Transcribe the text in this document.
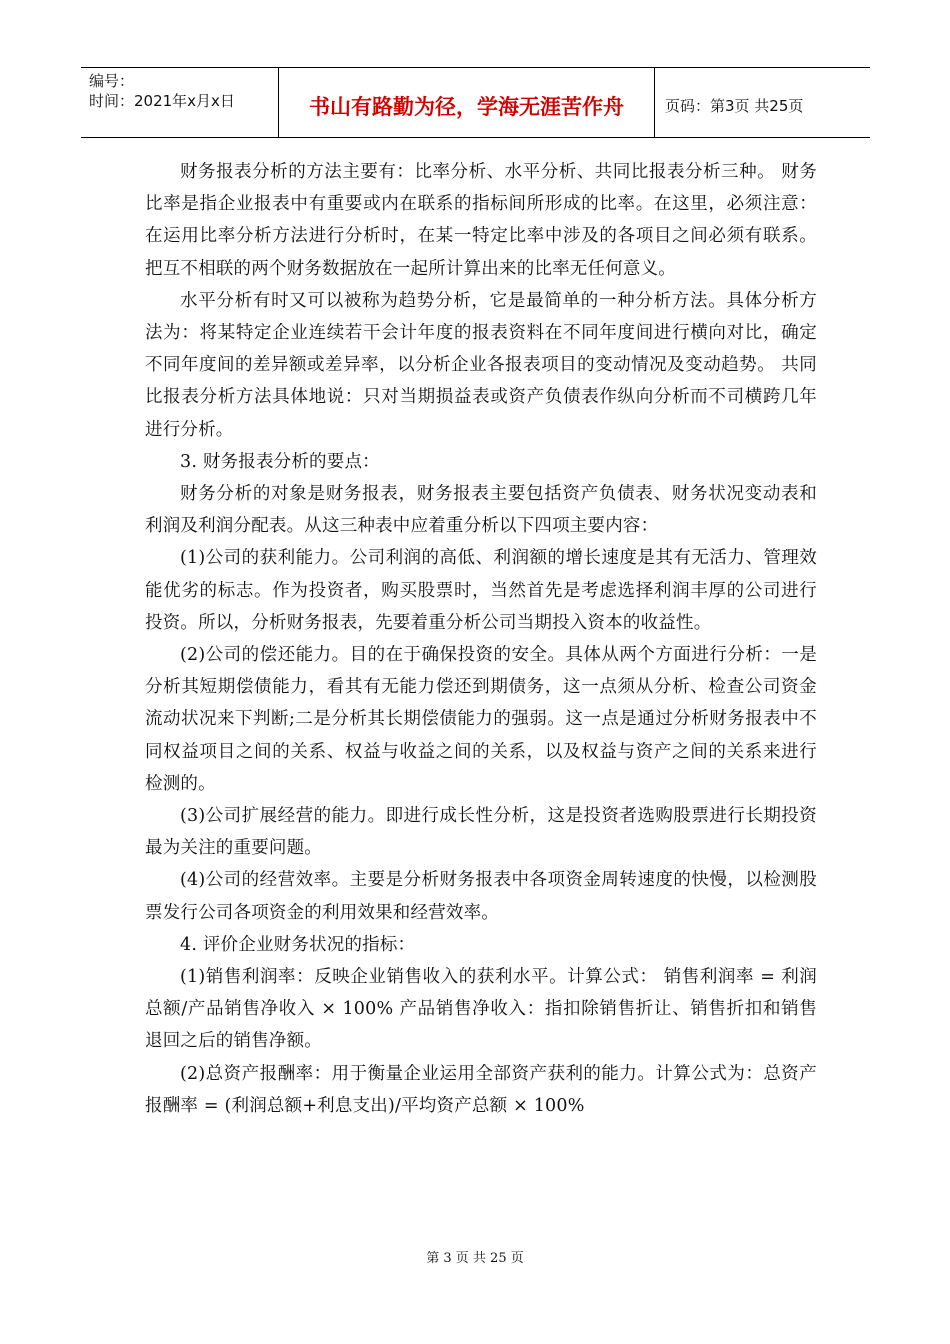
编号：
时间：2021年x月x日	书山有路勤为径，学海无涯苦作舟	页码：第3页 共25页

财务报表分析的方法主要有：比率分析、水平分析、共同比报表分析三种。 财务比率是指企业报表中有重要或内在联系的指标间所形成的比率。在这里，必须注意：在运用比率分析方法进行分析时，在某一特定比率中涉及的各项目之间必须有联系。把互不相联的两个财务数据放在一起所计算出来的比率无任何意义。

水平分析有时又可以被称为趋势分析，它是最简单的一种分析方法。具体分析方法为：将某特定企业连续若干会计年度的报表资料在不同年度间进行横向对比，确定不同年度间的差异额或差异率，以分析企业各报表项目的变动情况及变动趋势。 共同比报表分析方法具体地说：只对当期损益表或资产负债表作纵向分析而不司横跨几年进行分析。

3. 财务报表分析的要点：

财务分析的对象是财务报表，财务报表主要包括资产负债表、财务状况变动表和利润及利润分配表。从这三种表中应着重分析以下四项主要内容：

(1)公司的获利能力。公司利润的高低、利润额的增长速度是其有无活力、管理效能优劣的标志。作为投资者，购买股票时，当然首先是考虑选择利润丰厚的公司进行投资。所以，分析财务报表，先要着重分析公司当期投入资本的收益性。

(2)公司的偿还能力。目的在于确保投资的安全。具体从两个方面进行分析：一是分析其短期偿债能力，看其有无能力偿还到期债务，这一点须从分析、检查公司资金流动状况来下判断;二是分析其长期偿债能力的强弱。这一点是通过分析财务报表中不同权益项目之间的关系、权益与收益之间的关系，以及权益与资产之间的关系来进行检测的。

(3)公司扩展经营的能力。即进行成长性分析，这是投资者选购股票进行长期投资最为关注的重要问题。

(4)公司的经营效率。主要是分析财务报表中各项资金周转速度的快慢，以检测股票发行公司各项资金的利用效果和经营效率。

4. 评价企业财务状况的指标：

(1)销售利润率：反映企业销售收入的获利水平。计算公式： 销售利润率 = 利润总额/产品销售净收入 × 100% 产品销售净收入：指扣除销售折让、销售折扣和销售退回之后的销售净额。

(2)总资产报酬率：用于衡量企业运用全部资产获利的能力。计算公式为：总资产报酬率 = (利润总额+利息支出)/平均资产总额 × 100%

第 3 页 共 25 页
